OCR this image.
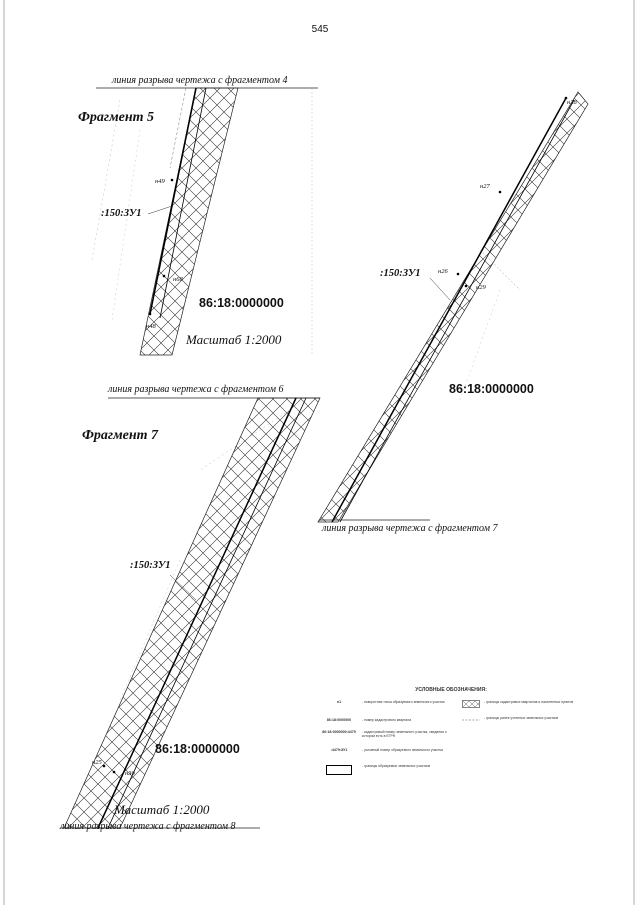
545
линия разрыва чертежа с фрагментом 4
Фрагмент 5
н49
:150:ЗУ1
н68
86:18:0000000
н48
Масштаб 1:2000
н28
н27
:150:ЗУ1	н26
н29
86:18:0000000
линия разрыва чертежа с фрагментом 7
линия разрыва чертежа с фрагментом 6
Фрагмент 7
:150:ЗУ1
86:18:0000000
н25
н30
Масштаб 1:2000
линия разрыва чертежа с фрагментом 8
УСЛОВНЫЕ ОБОЗНАЧЕНИЯ:
н1	- поворотная точка образуемого земельного участка
86:18:0000000	- номер кадастрового квартала
86:18:0000000:4479 - кадастровый номер земельного участка, сведения о котором есть в ЕГРН
:4479:ЗУ1	- условный номер образуемого земельного участка
- границы образуемых земельных участков
- границы кадастровых кварталов и населенных пунктов
- границы ранее учтенных земельных участков
